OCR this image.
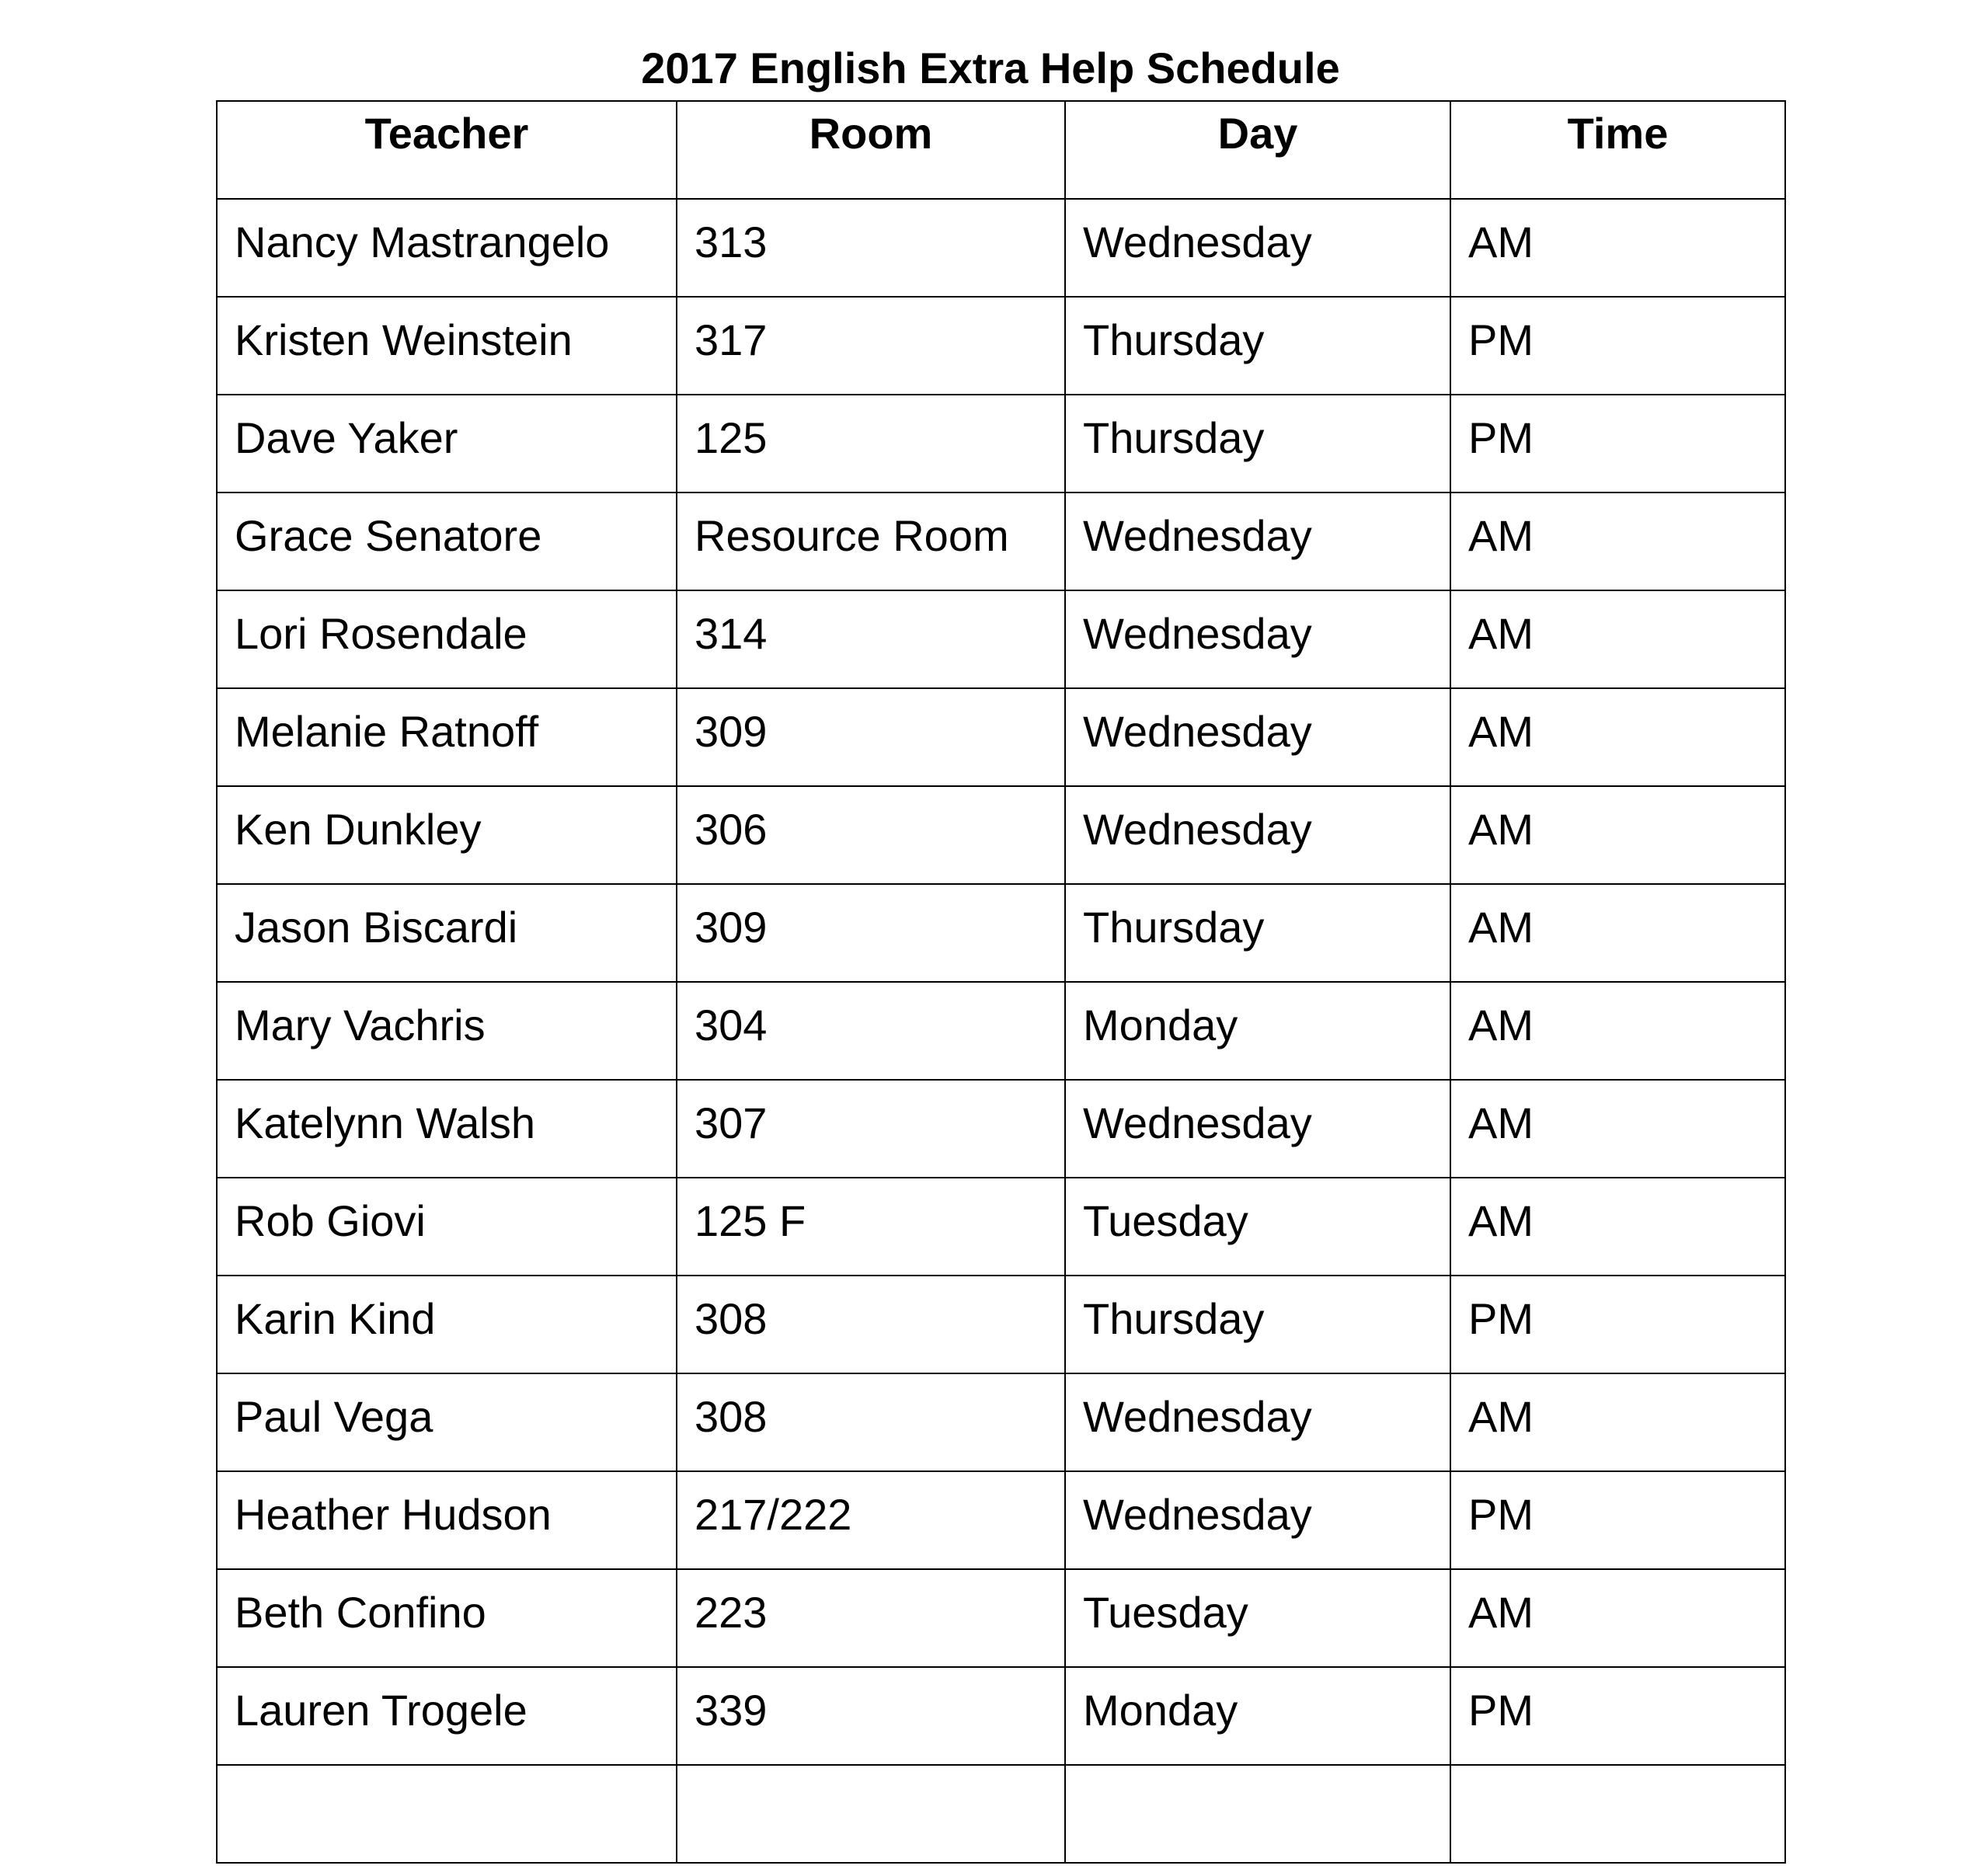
2017 English Extra Help Schedule
Teacher	Room	Day	Time
Nancy Mastrangelo	313	Wednesday	AM
Kristen Weinstein	317	Thursday	PM
Dave Yaker	125	Thursday	PM
Grace Senatore	Resource Room	Wednesday	AM
Lori Rosendale	314	Wednesday	AM
Melanie Ratnoff	309	Wednesday	AM
Ken Dunkley	306	Wednesday	AM
Jason Biscardi	309	Thursday	AM
Mary Vachris	304	Monday	AM
Katelynn Walsh	307	Wednesday	AM
Rob Giovi	125 F	Tuesday	AM
Karin Kind	308	Thursday	PM
Paul Vega	308	Wednesday	AM
Heather Hudson	217/222	Wednesday	PM
Beth Confino	223	Tuesday	AM
Lauren Trogele	339	Monday	PM
